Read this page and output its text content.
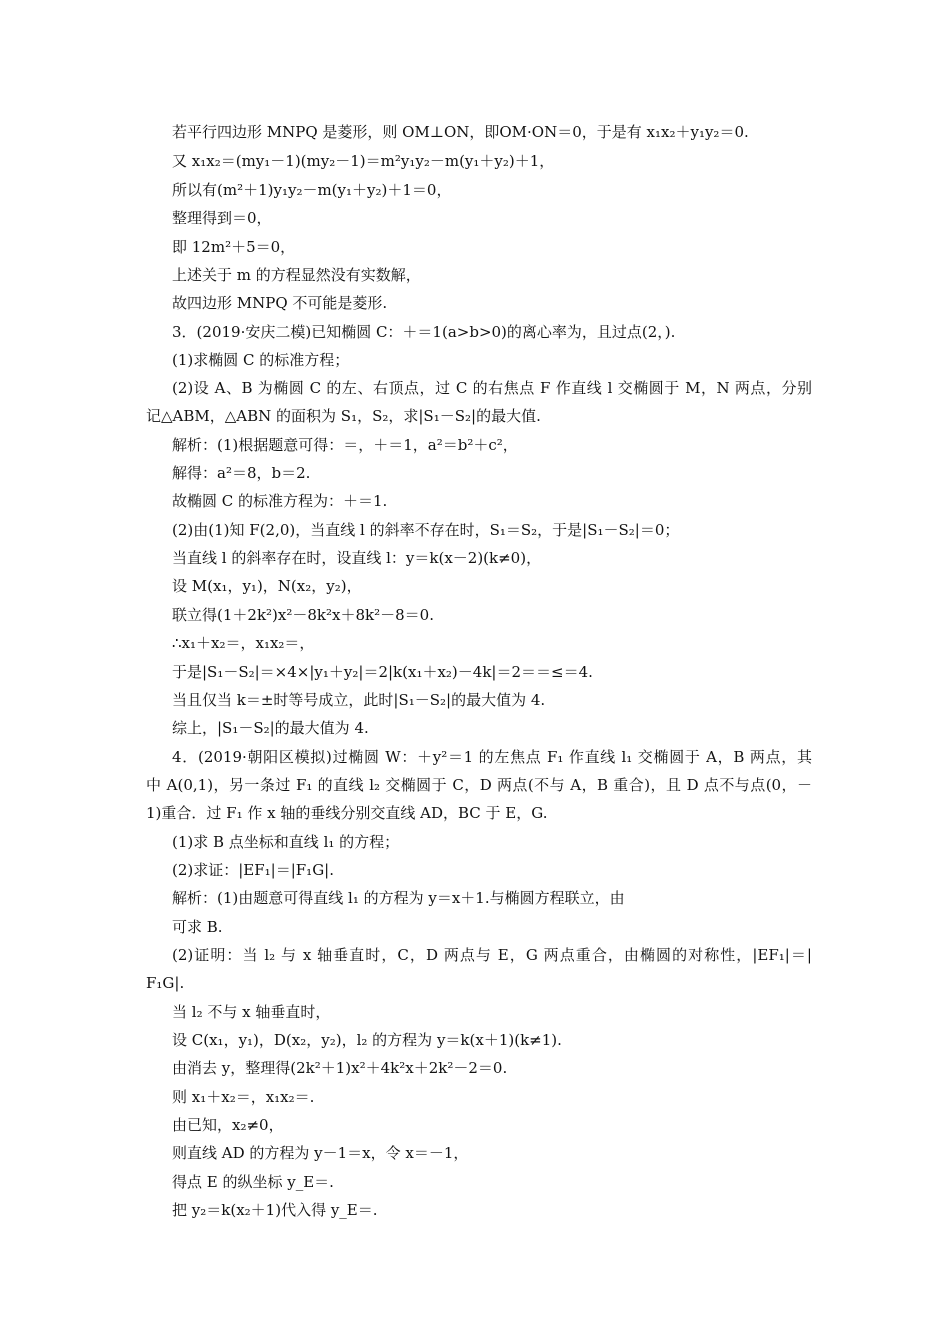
若平行四边形 MNPQ 是菱形，则 OM⊥ON，即OM·ON＝0，于是有 x₁x₂＋y₁y₂＝0.
又 x₁x₂＝(my₁－1)(my₂－1)＝m²y₁y₂－m(y₁＋y₂)＋1，
所以有(m²＋1)y₁y₂－m(y₁＋y₂)＋1＝0，
整理得到＝0，
即 12m²＋5＝0，
上述关于 m 的方程显然没有实数解，
故四边形 MNPQ 不可能是菱形.
3．(2019·安庆二模)已知椭圆 C：＋＝1(a>b>0)的离心率为，且过点(2，).
(1)求椭圆 C 的标准方程；
(2)设 A、B 为椭圆 C 的左、右顶点，过 C 的右焦点 F 作直线 l 交椭圆于 M，N 两点，分别
记△ABM，△ABN 的面积为 S₁，S₂，求|S₁－S₂|的最大值.
解析：(1)根据题意可得：＝，＋＝1，a²＝b²＋c²，
解得：a²＝8，b＝2.
故椭圆 C 的标准方程为：＋＝1.
(2)由(1)知 F(2,0)，当直线 l 的斜率不存在时，S₁＝S₂，于是|S₁－S₂|＝0；
当直线 l 的斜率存在时，设直线 l：y＝k(x－2)(k≠0)，
设 M(x₁，y₁)，N(x₂，y₂)，
联立得(1＋2k²)x²－8k²x＋8k²－8＝0.
∴x₁＋x₂＝，x₁x₂＝，
于是|S₁－S₂|＝×4×|y₁＋y₂|＝2|k(x₁＋x₂)－4k|＝2＝＝≤＝4.
当且仅当 k＝±时等号成立，此时|S₁－S₂|的最大值为 4.
综上，|S₁－S₂|的最大值为 4.
4．(2019·朝阳区模拟)过椭圆 W：＋y²＝1 的左焦点 F₁ 作直线 l₁ 交椭圆于 A，B 两点，其
中 A(0,1)，另一条过 F₁ 的直线 l₂ 交椭圆于 C，D 两点(不与 A，B 重合)，且 D 点不与点(0，－
1)重合．过 F₁ 作 x 轴的垂线分别交直线 AD，BC 于 E，G.
(1)求 B 点坐标和直线 l₁ 的方程；
(2)求证：|EF₁|＝|F₁G|.
解析：(1)由题意可得直线 l₁ 的方程为 y＝x＋1.与椭圆方程联立，由
可求 B.
(2)证明：当 l₂ 与 x 轴垂直时，C，D 两点与 E，G 两点重合，由椭圆的对称性，|EF₁|＝|
F₁G|.
当 l₂ 不与 x 轴垂直时，
设 C(x₁，y₁)，D(x₂，y₂)，l₂ 的方程为 y＝k(x＋1)(k≠1).
由消去 y，整理得(2k²＋1)x²＋4k²x＋2k²－2＝0.
则 x₁＋x₂＝，x₁x₂＝.
由已知，x₂≠0，
则直线 AD 的方程为 y－1＝x，令 x＝－1，
得点 E 的纵坐标 y_E＝.
把 y₂＝k(x₂＋1)代入得 y_E＝.
